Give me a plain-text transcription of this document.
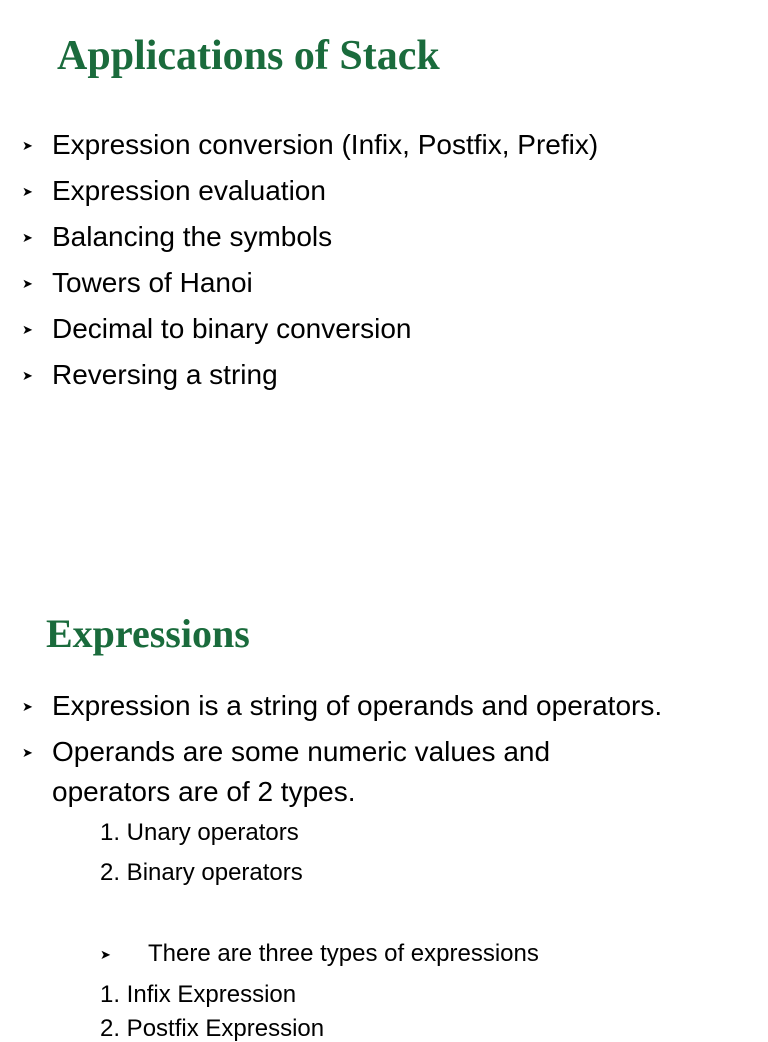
Applications of Stack
➤ Expression conversion (Infix, Postfix, Prefix)
➤ Expression evaluation
➤ Balancing the symbols
➤ Towers of Hanoi
➤ Decimal to binary conversion
➤ Reversing a string
Expressions
➤ Expression is a string of operands and operators.
➤ Operands are some numeric values and
operators are of 2 types.
1. Unary operators
2. Binary operators
➤ There are three types of expressions
1. Infix Expression
2. Postfix Expression
